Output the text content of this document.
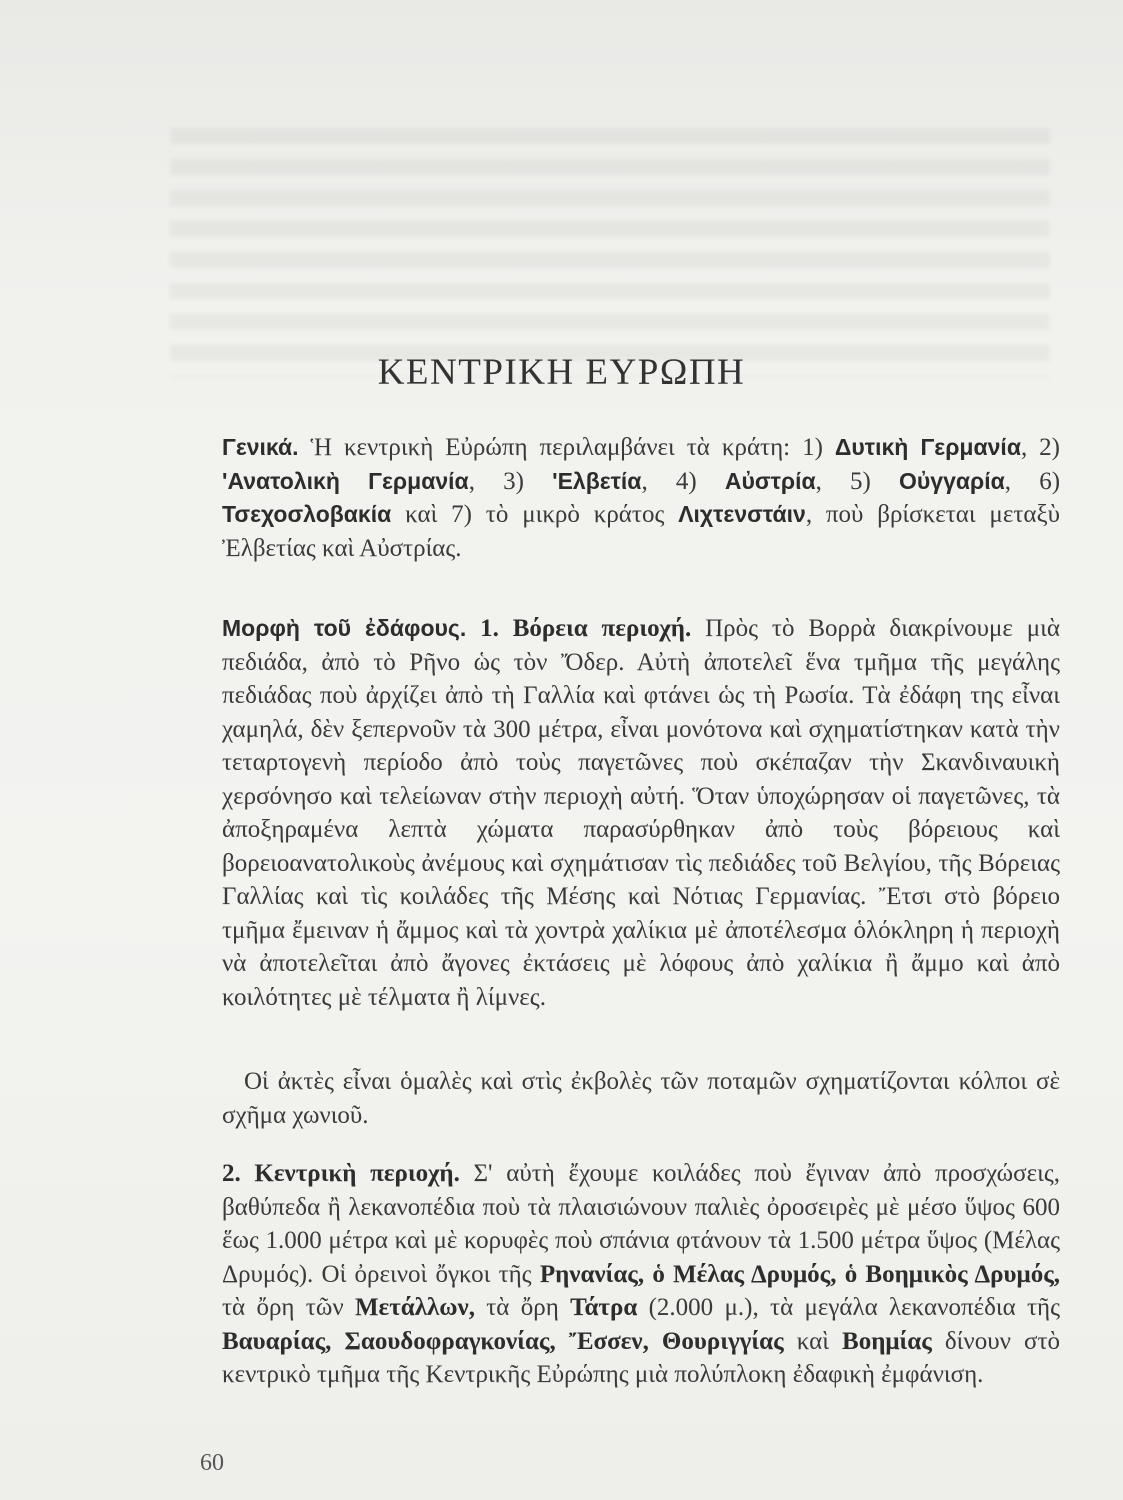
ΚΕΝΤΡΙΚΗ ΕΥΡΩΠΗ

Γενικά. Ἡ κεντρικὴ Εὐρώπη περιλαμβάνει τὰ κράτη: 1) Δυτικὴ Γερμανία, 2) 'Ανατολικὴ Γερμανία, 3) 'Ελβετία, 4) Αὐστρία, 5) Οὐγγαρία, 6) Τσεχοσλοβακία καὶ 7) τὸ μικρὸ κράτος Λιχτενστάιν, ποὺ βρίσκεται μεταξὺ Ἐλβετίας καὶ Αὐστρίας.

Μορφὴ τοῦ ἐδάφους. 1. Βόρεια περιοχή. Πρὸς τὸ Βορρὰ διακρίνουμε μιὰ πεδιάδα, ἀπὸ τὸ Ρῆνο ὡς τὸν Ὄδερ. Αὐτὴ ἀποτελεῖ ἕνα τμῆμα τῆς μεγάλης πεδιάδας ποὺ ἀρχίζει ἀπὸ τὴ Γαλλία καὶ φτάνει ὡς τὴ Ρωσία. Τὰ ἐδάφη της εἶναι χαμηλά, δὲν ξεπερνοῦν τὰ 300 μέτρα, εἶναι μονότονα καὶ σχηματίστηκαν κατὰ τὴν τεταρτογενὴ περίοδο ἀπὸ τοὺς παγετῶνες ποὺ σκέπαζαν τὴν Σκανδιναυικὴ χερσόνησο καὶ τελείωναν στὴν περιοχὴ αὐτή. Ὅταν ὑποχώρησαν οἱ παγετῶνες, τὰ ἀποξηραμένα λεπτὰ χώματα παρασύρθηκαν ἀπὸ τοὺς βόρειους καὶ βορειοανατολικοὺς ἀνέμους καὶ σχημάτισαν τὶς πεδιάδες τοῦ Βελγίου, τῆς Βόρειας Γαλλίας καὶ τὶς κοιλάδες τῆς Μέσης καὶ Νότιας Γερμανίας. Ἔτσι στὸ βόρειο τμῆμα ἔμειναν ἡ ἄμμος καὶ τὰ χοντρὰ χαλίκια μὲ ἀποτέλεσμα ὁλόκληρη ἡ περιοχὴ νὰ ἀποτελεῖται ἀπὸ ἄγονες ἐκτάσεις μὲ λόφους ἀπὸ χαλίκια ἢ ἄμμο καὶ ἀπὸ κοιλότητες μὲ τέλματα ἢ λίμνες.

Οἱ ἀκτὲς εἶναι ὁμαλὲς καὶ στὶς ἐκβολὲς τῶν ποταμῶν σχηματίζονται κόλποι σὲ σχῆμα χωνιοῦ.

2. Κεντρικὴ περιοχή. Σ' αὐτὴ ἔχουμε κοιλάδες ποὺ ἔγιναν ἀπὸ προσχώσεις, βαθύπεδα ἢ λεκανοπέδια ποὺ τὰ πλαισιώνουν παλιὲς ὀροσειρὲς μὲ μέσο ὕψος 600 ἕως 1.000 μέτρα καὶ μὲ κορυφὲς ποὺ σπάνια φτάνουν τὰ 1.500 μέτρα ὕψος (Μέλας Δρυμός). Οἱ ὀρεινοὶ ὄγκοι τῆς Ρηνανίας, ὁ Μέλας Δρυμός, ὁ Βοημικὸς Δρυμός, τὰ ὄρη τῶν Μετάλλων, τὰ ὄρη Τάτρα (2.000 μ.), τὰ μεγάλα λεκανοπέδια τῆς Βαυαρίας, Σαουδοφραγκονίας, Ἔσσεν, Θουριγγίας καὶ Βοημίας δίνουν στὸ κεντρικὸ τμῆμα τῆς Κεντρικῆς Εὐρώπης μιὰ πολύπλοκη ἐδαφικὴ ἐμφάνιση.

60
